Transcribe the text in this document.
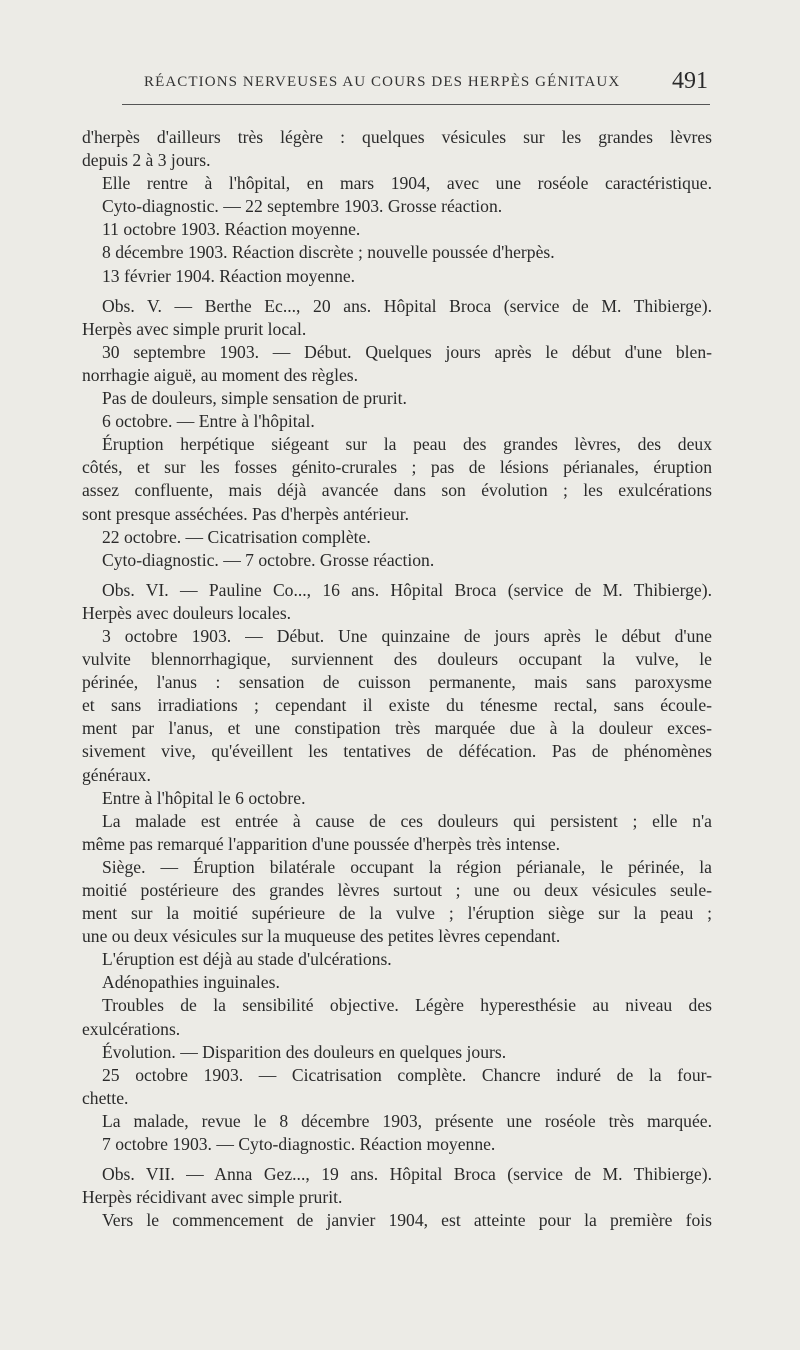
RÉACTIONS NERVEUSES AU COURS DES HERPÈS GÉNITAUX 491
d'herpès d'ailleurs très légère : quelques vésicules sur les grandes lèvres
depuis 2 à 3 jours.
Elle rentre à l'hôpital, en mars 1904, avec une roséole caractéristique.
Cyto-diagnostic. — 22 septembre 1903. Grosse réaction.
11 octobre 1903. Réaction moyenne.
8 décembre 1903. Réaction discrète ; nouvelle poussée d'herpès.
13 février 1904. Réaction moyenne.
Obs. V. — Berthe Ec..., 20 ans. Hôpital Broca (service de M. Thibierge).
Herpès avec simple prurit local.
30 septembre 1903. — Début. Quelques jours après le début d'une blen-
norrhagie aiguë, au moment des règles.
Pas de douleurs, simple sensation de prurit.
6 octobre. — Entre à l'hôpital.
Éruption herpétique siégeant sur la peau des grandes lèvres, des deux
côtés, et sur les fosses génito-crurales ; pas de lésions périanales, éruption
assez confluente, mais déjà avancée dans son évolution ; les exulcérations
sont presque asséchées. Pas d'herpès antérieur.
22 octobre. — Cicatrisation complète.
Cyto-diagnostic. — 7 octobre. Grosse réaction.
Obs. VI. — Pauline Co..., 16 ans. Hôpital Broca (service de M. Thibierge).
Herpès avec douleurs locales.
3 octobre 1903. — Début. Une quinzaine de jours après le début d'une
vulvite blennorrhagique, surviennent des douleurs occupant la vulve, le
périnée, l'anus : sensation de cuisson permanente, mais sans paroxysme
et sans irradiations ; cependant il existe du ténesme rectal, sans écoule-
ment par l'anus, et une constipation très marquée due à la douleur exces-
sivement vive, qu'éveillent les tentatives de défécation. Pas de phénomènes
généraux.
Entre à l'hôpital le 6 octobre.
La malade est entrée à cause de ces douleurs qui persistent ; elle n'a
même pas remarqué l'apparition d'une poussée d'herpès très intense.
Siège. — Éruption bilatérale occupant la région périanale, le périnée, la
moitié postérieure des grandes lèvres surtout ; une ou deux vésicules seule-
ment sur la moitié supérieure de la vulve ; l'éruption siège sur la peau ;
une ou deux vésicules sur la muqueuse des petites lèvres cependant.
L'éruption est déjà au stade d'ulcérations.
Adénopathies inguinales.
Troubles de la sensibilité objective. Légère hyperesthésie au niveau des
exulcérations.
Évolution. — Disparition des douleurs en quelques jours.
25 octobre 1903. — Cicatrisation complète. Chancre induré de la four-
chette.
La malade, revue le 8 décembre 1903, présente une roséole très marquée.
7 octobre 1903. — Cyto-diagnostic. Réaction moyenne.
Obs. VII. — Anna Gez..., 19 ans. Hôpital Broca (service de M. Thibierge).
Herpès récidivant avec simple prurit.
Vers le commencement de janvier 1904, est atteinte pour la première fois
